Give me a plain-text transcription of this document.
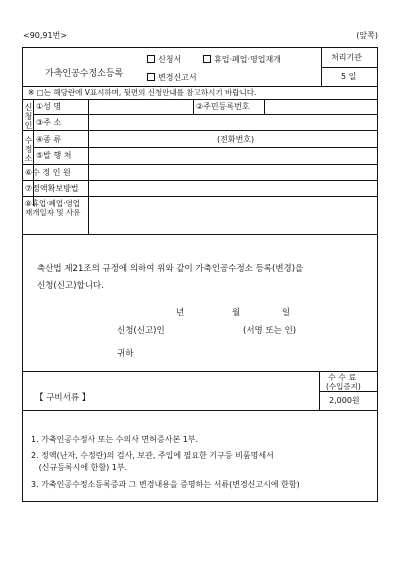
<90,91번>	(앞쪽)
가축인공수정소등록
신청서	휴업·폐업·영업재개
변경신고서
처리기관
5 일
※ □는 해당란에 V표시하며, 뒷면의 신청안내를 참고하시기 바랍니다.
신
청
인
①성 명	②주민등록번호
③주 소
수
정
소
④종 류	(전화번호)
⑤발 행 처
⑥수 정 인 원
⑦정액확보방법
⑧휴업·폐업·영업재개일자 및 사유
축산법 제21조의 규정에 의하여 위와 같이 가축인공수정소 등록(변경)을
신청(신고)합니다.
년	월	일
신청(신고)인	(서명 또는 인)
귀하
【 구비서류 】
수 수 료
(수입증지)
2,000원
1. 가축인공수정사 또는 수의사 면허증사본 1부.
2. 정액(난자, 수정란)의 검사, 보관, 주입에 필요한 기구등 비품명세서
(신규등록시에 한함) 1부.
3. 가축인공수정소등록증과 그 변경내용을 증명하는 서류(변경신고시에 한함)
